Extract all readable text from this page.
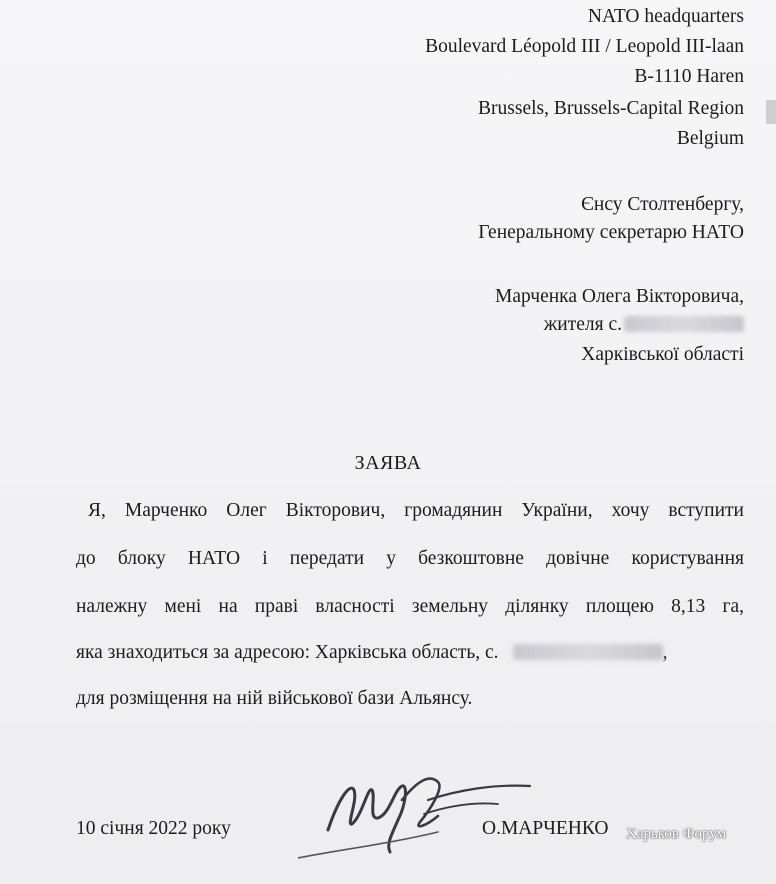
NATO headquarters
Boulevard Léopold III / Leopold III-laan
B-1110 Haren
Brussels, Brussels-Capital Region
Belgium
Єнсу Столтенбергу,
Генеральному секретарю НАТО
Марченка Олега Вікторовича,
жителя с.
Харківської області
ЗАЯВА
Я, Марченко Олег Вікторович, громадянин України, хочу вступити
до блоку НАТО і передати у безкоштовне довічне користування
належну мені на праві власності земельну ділянку площею 8,13 га,
яка знаходиться за адресою: Харківська область, с.	,
для розміщення на ній військової бази Альянсу.
10 січня 2022 року	О.МАРЧЕНКО Харьков Форум
